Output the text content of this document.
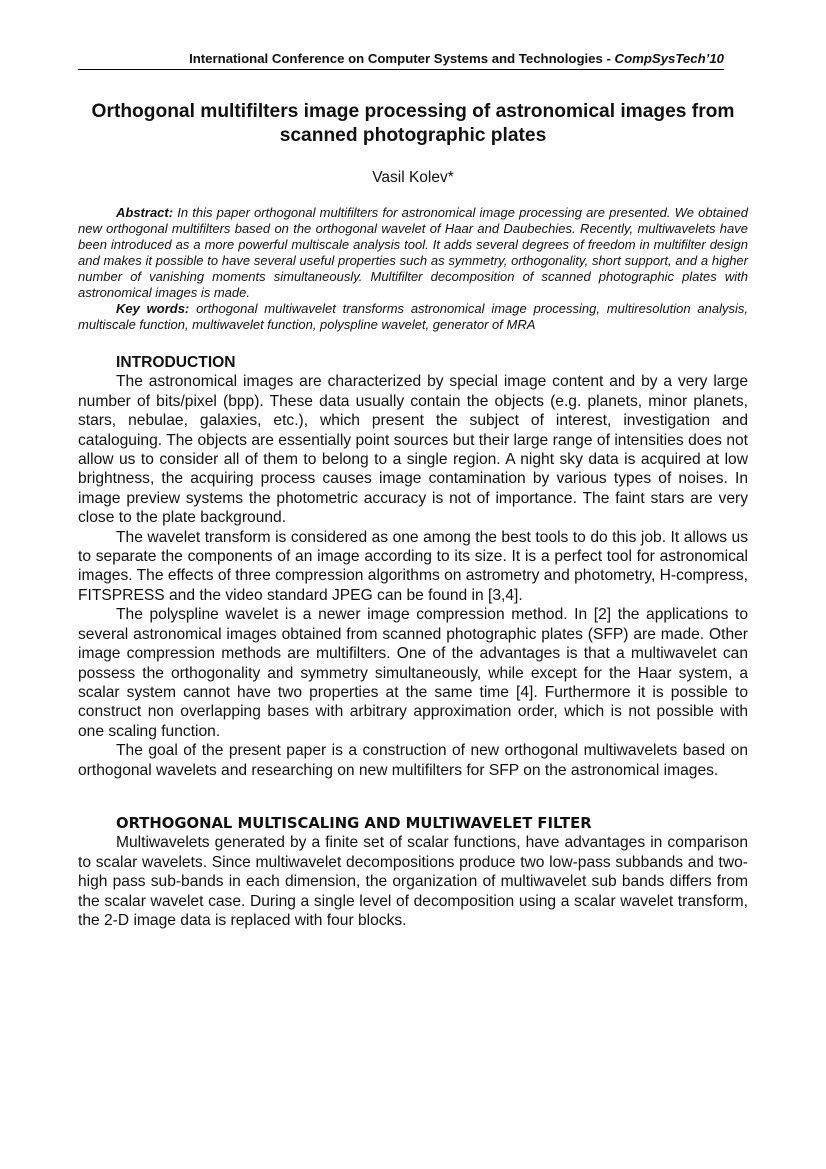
International Conference on Computer Systems and Technologies - CompSysTech’10
Orthogonal multifilters image processing of astronomical images from
scanned photographic plates
Vasil Kolev*

Abstract: In this paper orthogonal multifilters for astronomical image processing are presented. We obtained new orthogonal multifilters based on the orthogonal wavelet of Haar and Daubechies. Recently, multiwavelets have been introduced as a more powerful multiscale analysis tool. It adds several degrees of freedom in multifilter design and makes it possible to have several useful properties such as symmetry, orthogonality, short support, and a higher number of vanishing moments simultaneously. Multifilter decomposition of scanned photographic plates with astronomical images is made.

Key words: orthogonal multiwavelet transforms astronomical image processing, multiresolution analysis, multiscale function, multiwavelet function, polyspline wavelet, generator of MRA

INTRODUCTION

The astronomical images are characterized by special image content and by a very large number of bits/pixel (bpp). These data usually contain the objects (e.g. planets, minor planets, stars, nebulae, galaxies, etc.), which present the subject of interest, investigation and cataloguing. The objects are essentially point sources but their large range of intensities does not allow us to consider all of them to belong to a single region. A night sky data is acquired at low brightness, the acquiring process causes image contamination by various types of noises. In image preview systems the photometric accuracy is not of importance. The faint stars are very close to the plate background.

The wavelet transform is considered as one among the best tools to do this job. It allows us to separate the components of an image according to its size. It is a perfect tool for astronomical images. The effects of three compression algorithms on astrometry and photometry, H-compress, FITSPRESS and the video standard JPEG can be found in [3,4].

The polyspline wavelet is a newer image compression method. In [2] the applications to several astronomical images obtained from scanned photographic plates (SFP) are made. Other image compression methods are multifilters. One of the advantages is that a multiwavelet can possess the orthogonality and symmetry simultaneously, while except for the Haar system, a scalar system cannot have two properties at the same time [4]. Furthermore it is possible to construct non overlapping bases with arbitrary approximation order, which is not possible with one scaling function.

The goal of the present paper is a construction of new orthogonal multiwavelets based on orthogonal wavelets and researching on new multifilters for SFP on the astronomical images.

ORTHOGONAL MULTISCALING AND MULTIWAVELET FILTER

Multiwavelets generated by a finite set of scalar functions, have advantages in comparison to scalar wavelets. Since multiwavelet decompositions produce two low-pass subbands and two-high pass sub-bands in each dimension, the organization of multiwavelet sub bands differs from the scalar wavelet case. During a single level of decomposition using a scalar wavelet transform, the 2-D image data is replaced with four blocks.
